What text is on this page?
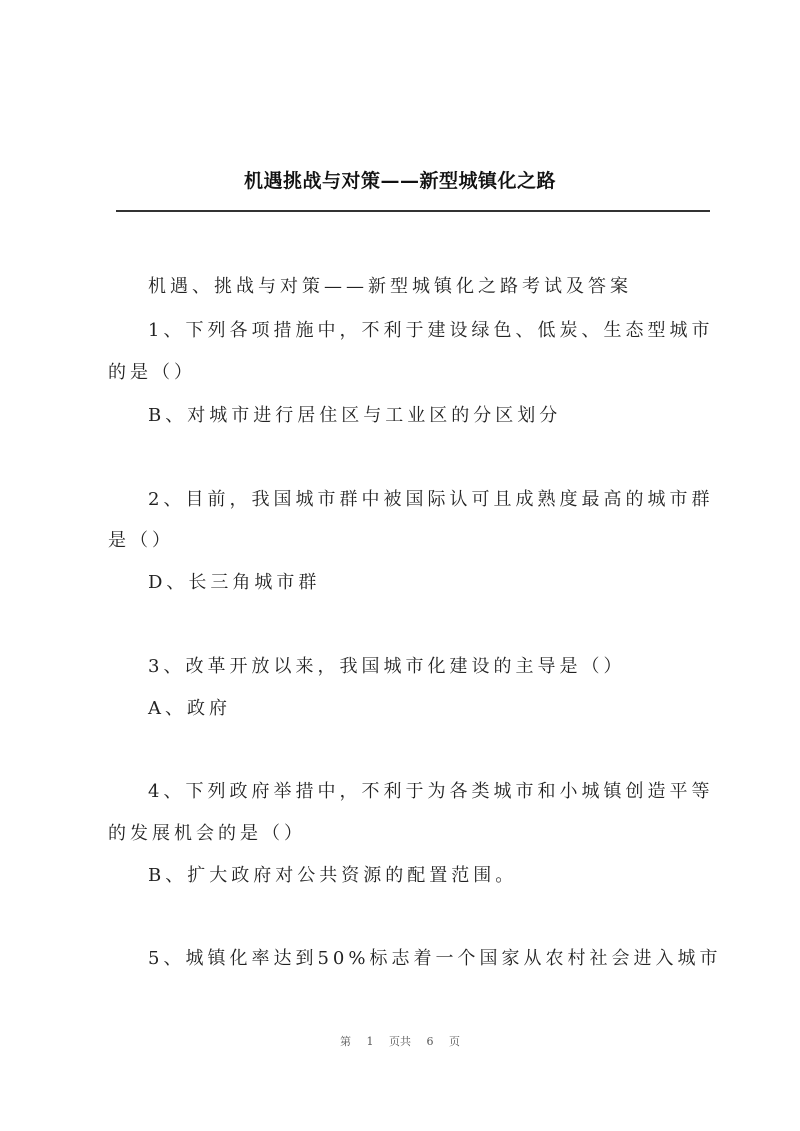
机遇挑战与对策——新型城镇化之路
机遇、挑战与对策——新型城镇化之路考试及答案
1、下列各项措施中，不利于建设绿色、低炭、生态型城市
的是（）
B、对城市进行居住区与工业区的分区划分
2、目前，我国城市群中被国际认可且成熟度最高的城市群
是（）
D、长三角城市群
3、改革开放以来，我国城市化建设的主导是（）
A、政府
4、下列政府举措中，不利于为各类城市和小城镇创造平等
的发展机会的是（）
B、扩大政府对公共资源的配置范围。
5、城镇化率达到50%标志着一个国家从农村社会进入城市
第 1 页共 6 页
